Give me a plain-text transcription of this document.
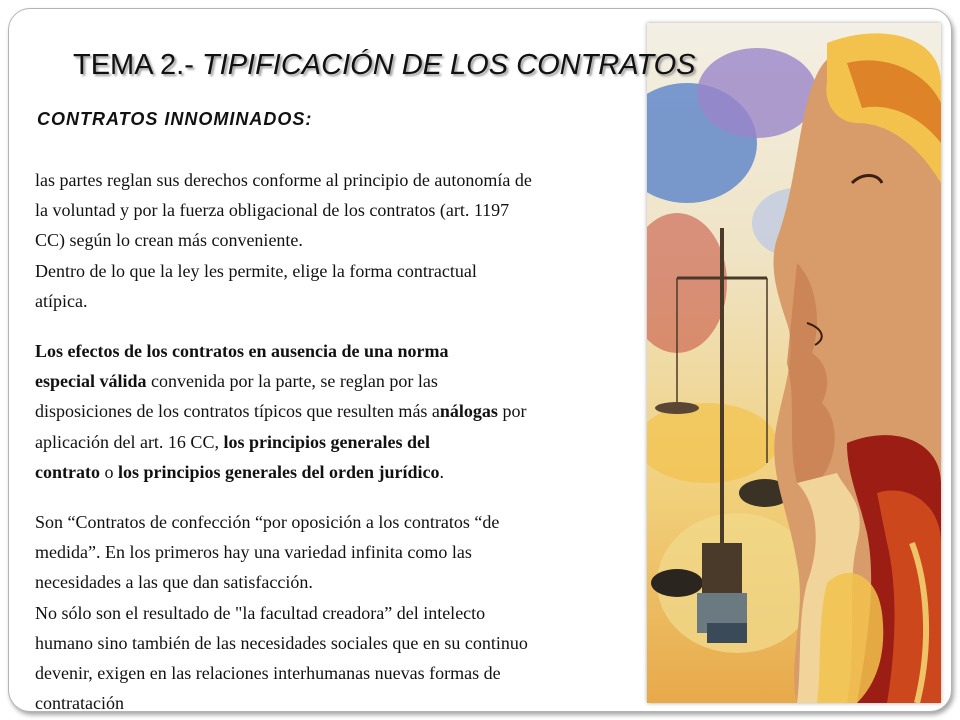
TEMA 2.- TIPIFICACIÓN DE LOS CONTRATOS
CONTRATOS INNOMINADOS:

las partes reglan sus derechos conforme al principio de autonomía de
la voluntad y por la fuerza obligacional de los contratos (art. 1197
CC) según lo crean más conveniente.

Dentro de lo que la ley les permite, elige la forma contractual
atípica.

Los efectos de los contratos en ausencia de una norma
especial válida convenida por la parte, se reglan por las
disposiciones de los contratos típicos que resulten más análogas por
aplicación del art. 16 CC, los principios generales del
contrato o los principios generales del orden jurídico.

Son “Contratos de confección “por oposición a los contratos “de
medida”. En los primeros hay una variedad infinita como las
necesidades a las que dan satisfacción.

No sólo son el resultado de "la facultad creadora” del intelecto
humano sino también de las necesidades sociales que en su continuo
devenir, exigen en las relaciones interhumanas nuevas formas de
contratación
